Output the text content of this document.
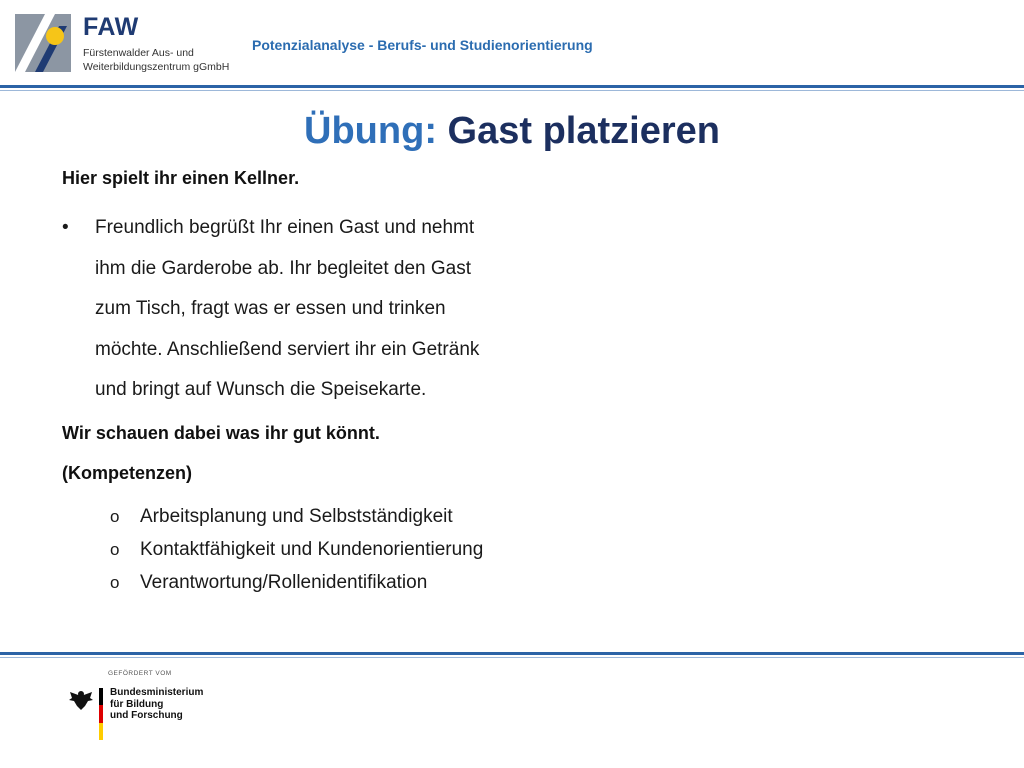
FAW
Fürstenwalder Aus- und
Weiterbildungszentrum gGmbH
Potenzialanalyse - Berufs- und Studienorientierung
Übung: Gast platzieren
Hier spielt ihr einen Kellner.
• Freundlich begrüßt Ihr einen Gast und nehmt
ihm die Garderobe ab. Ihr begleitet den Gast
zum Tisch, fragt was er essen und trinken
möchte. Anschließend serviert ihr ein Getränk
und bringt auf Wunsch die Speisekarte.
Wir schauen dabei was ihr gut könnt.
(Kompetenzen)
o	Arbeitsplanung und Selbstständigkeit
o	Kontaktfähigkeit und Kundenorientierung
o	Verantwortung/Rollenidentifikation
GEFÖRDERT VOM
Bundesministerium
für Bildung
und Forschung
